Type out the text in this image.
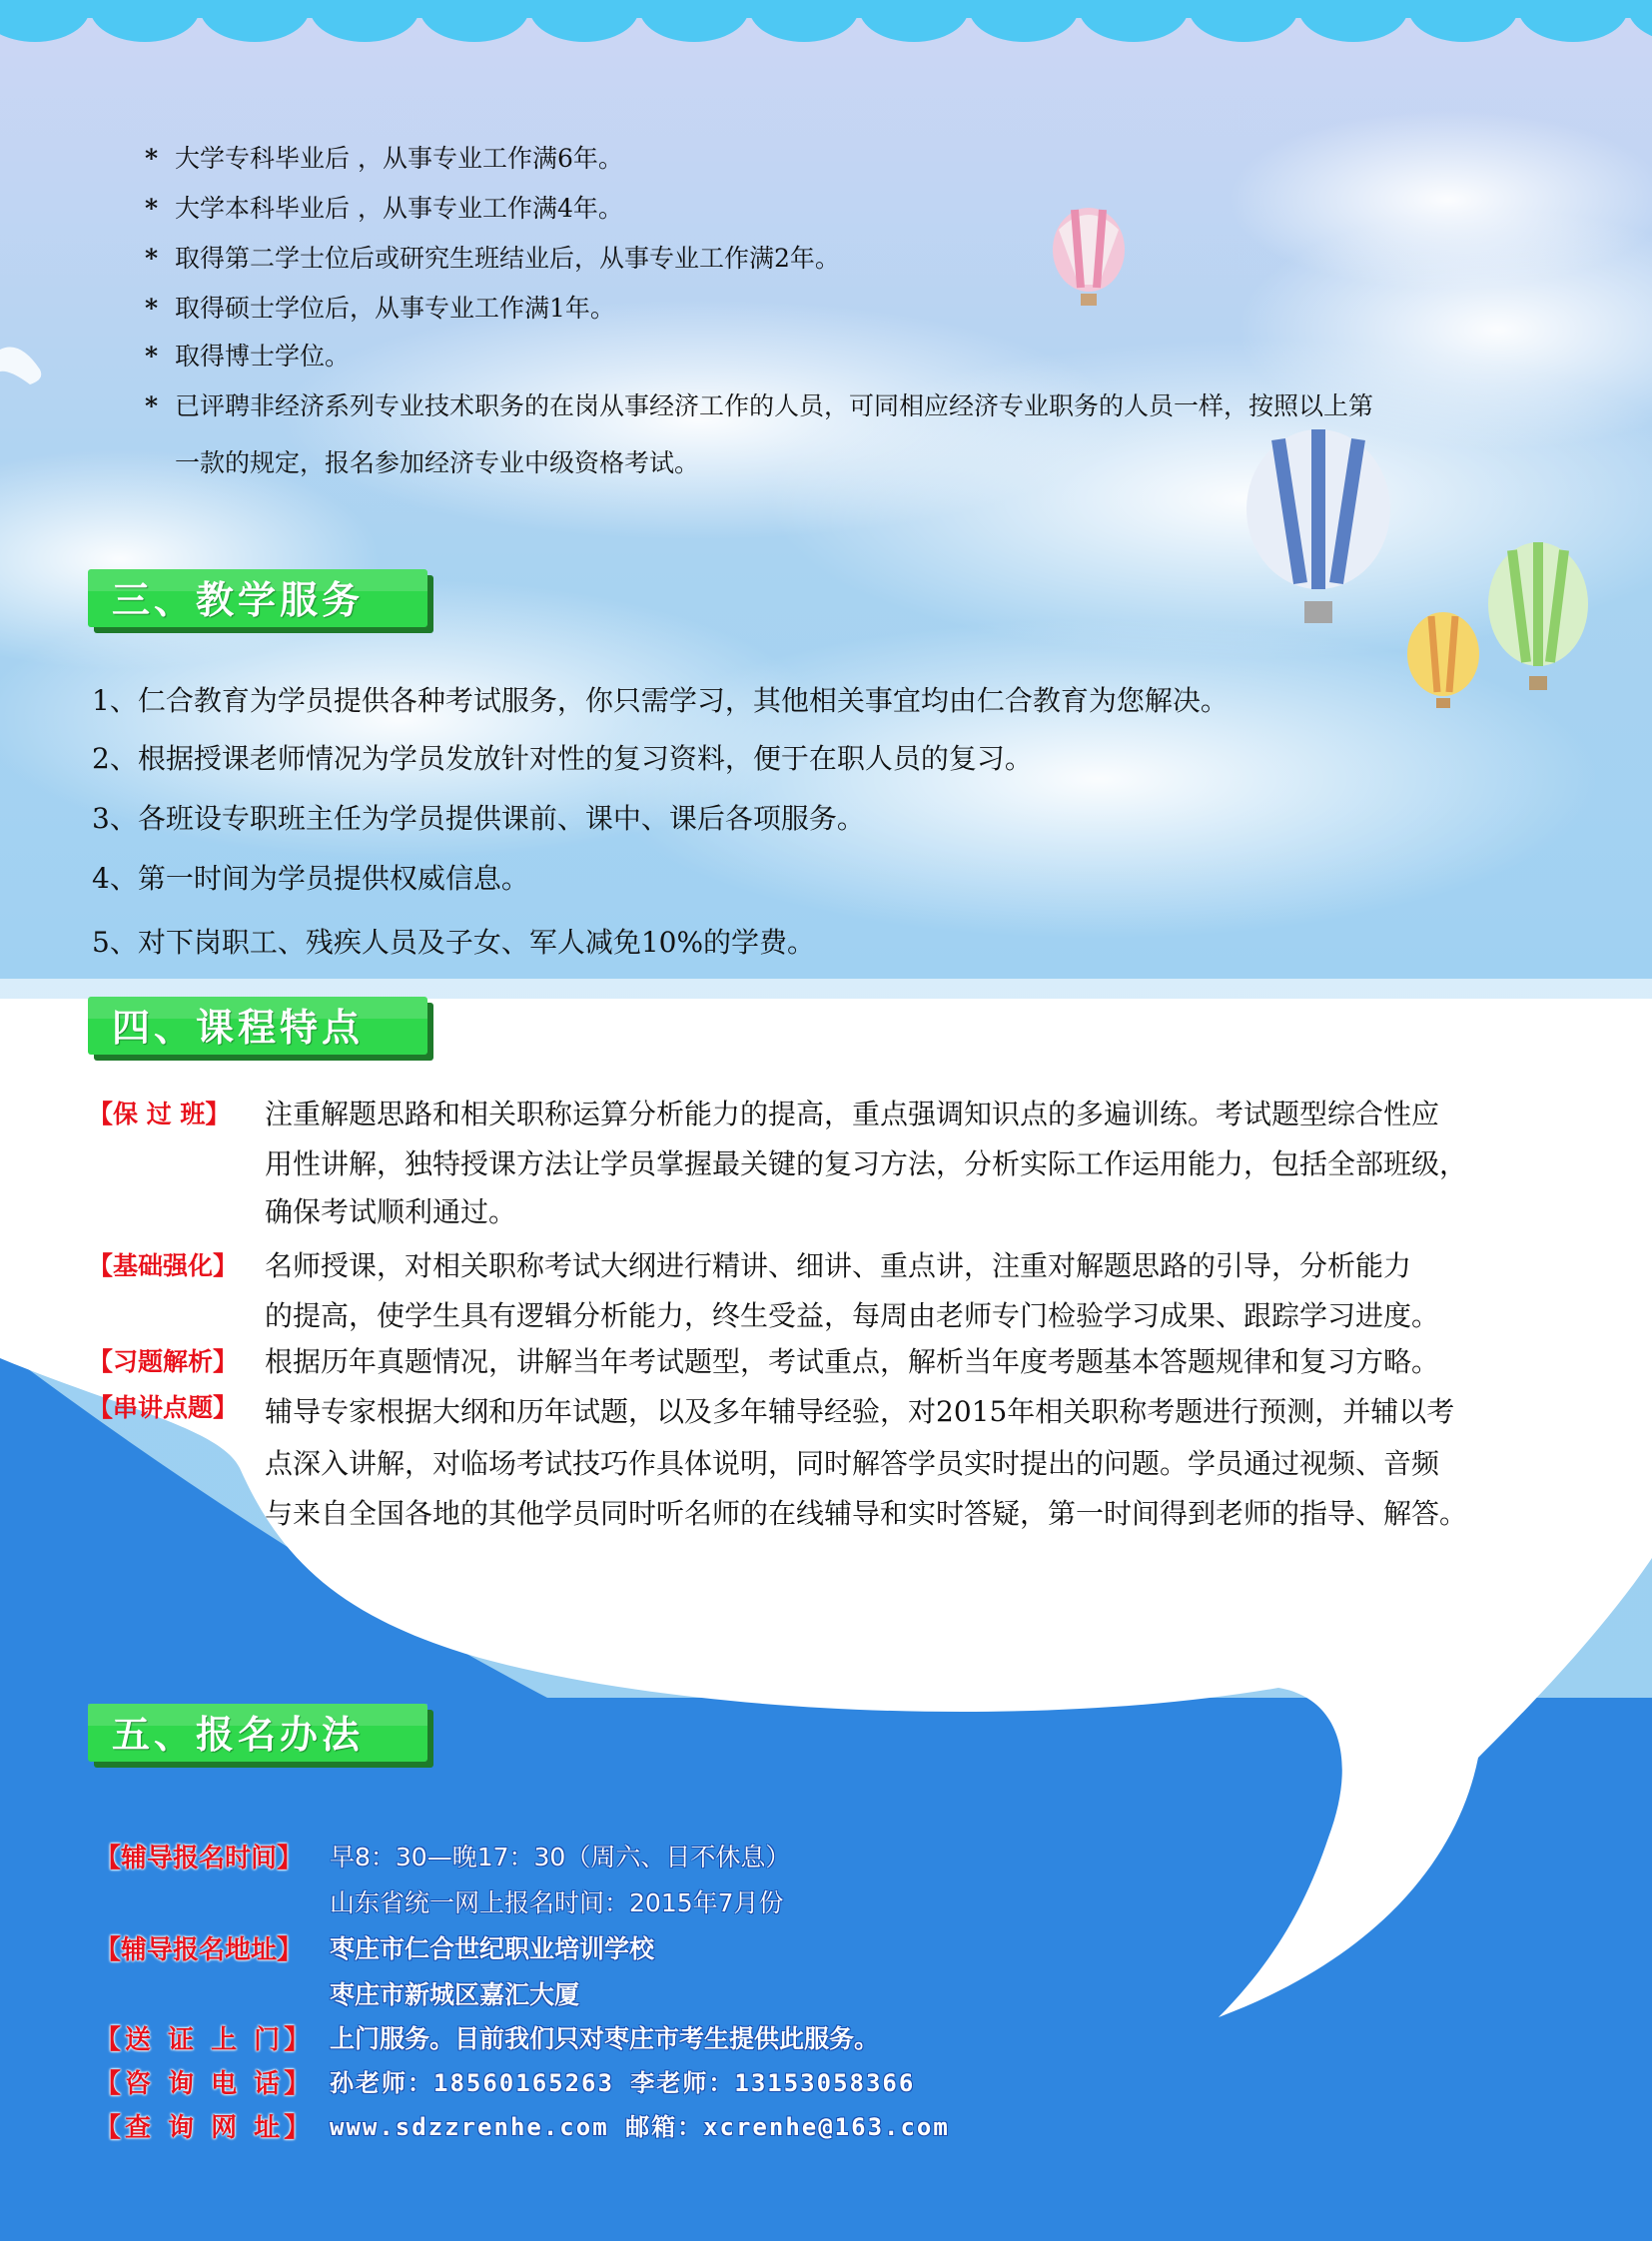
* 大学专科毕业后 ，从事专业工作满6年。
* 大学本科毕业后 ，从事专业工作满4年。
* 取得第二学士位后或研究生班结业后，从事专业工作满2年。
* 取得硕士学位后，从事专业工作满1年。
* 取得博士学位。
* 已评聘非经济系列专业技术职务的在岗从事经济工作的人员，可同相应经济专业职务的人员一样，按照以上第
一款的规定，报名参加经济专业中级资格考试。
三、教学服务
1、仁合教育为学员提供各种考试服务，你只需学习，其他相关事宜均由仁合教育为您解决。
2、根据授课老师情况为学员发放针对性的复习资料，便于在职人员的复习。
3、各班设专职班主任为学员提供课前、课中、课后各项服务。
4、第一时间为学员提供权威信息。
5、对下岗职工、残疾人员及子女、军人减免10%的学费。
四、课程特点
【保 过 班】 注重解题思路和相关职称运算分析能力的提高，重点强调知识点的多遍训练。考试题型综合性应
用性讲解，独特授课方法让学员掌握最关键的复习方法，分析实际工作运用能力，包括全部班级，
确保考试顺利通过。
【基础强化】 名师授课，对相关职称考试大纲进行精讲、细讲、重点讲，注重对解题思路的引导，分析能力
的提高，使学生具有逻辑分析能力，终生受益，每周由老师专门检验学习成果、跟踪学习进度。
【习题解析】 根据历年真题情况，讲解当年考试题型，考试重点，解析当年度考题基本答题规律和复习方略。
【串讲点题】 辅导专家根据大纲和历年试题，以及多年辅导经验，对2015年相关职称考题进行预测，并辅以考
点深入讲解，对临场考试技巧作具体说明，同时解答学员实时提出的问题。学员通过视频、音频
与来自全国各地的其他学员同时听名师的在线辅导和实时答疑，第一时间得到老师的指导、解答。
五、报名办法
【辅导报名时间】 早8：30—晚17：30（周六、日不休息）
山东省统一网上报名时间：2015年7月份
【辅导报名地址】 枣庄市仁合世纪职业培训学校
枣庄市新城区嘉汇大厦
【送 证 上 门】 上门服务。目前我们只对枣庄市考生提供此服务。
【咨 询 电 话】 孙老师：18560165263 李老师：13153058366
【查 询 网 址】 www.sdzzrenhe.com 邮箱：xcrenhe@163.com
